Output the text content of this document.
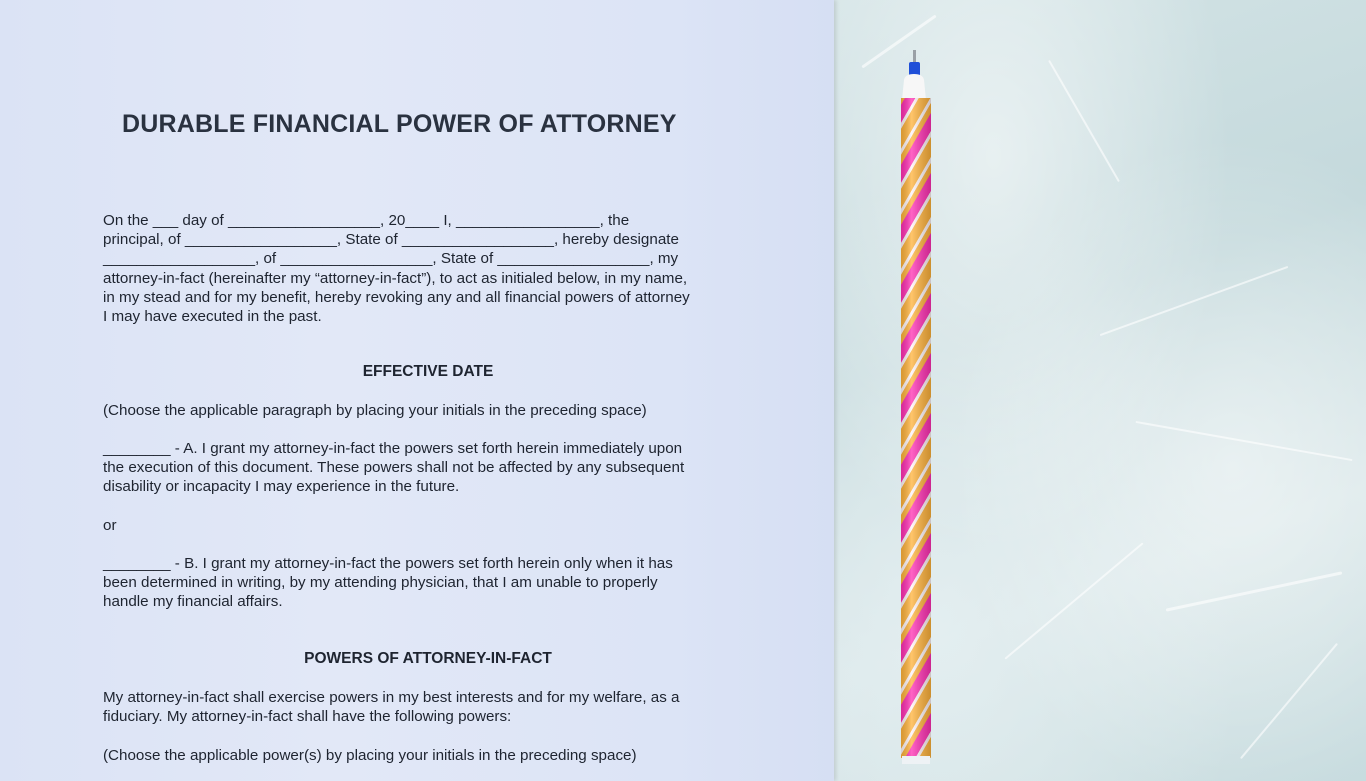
DURABLE FINANCIAL POWER OF ATTORNEY
On the ___ day of __________________, 20____ I, _________________, the
principal, of __________________, State of __________________, hereby designate
__________________, of __________________, State of __________________, my
attorney-in-fact (hereinafter my “attorney-in-fact”), to act as initialed below, in my name,
in my stead and for my benefit, hereby revoking any and all financial powers of attorney
I may have executed in the past.
EFFECTIVE DATE
(Choose the applicable paragraph by placing your initials in the preceding space)
________ - A. I grant my attorney-in-fact the powers set forth herein immediately upon
the execution of this document. These powers shall not be affected by any subsequent
disability or incapacity I may experience in the future.
or
________ - B. I grant my attorney-in-fact the powers set forth herein only when it has
been determined in writing, by my attending physician, that I am unable to properly
handle my financial affairs.
POWERS OF ATTORNEY-IN-FACT
My attorney-in-fact shall exercise powers in my best interests and for my welfare, as a
fiduciary. My attorney-in-fact shall have the following powers:
(Choose the applicable power(s) by placing your initials in the preceding space)
